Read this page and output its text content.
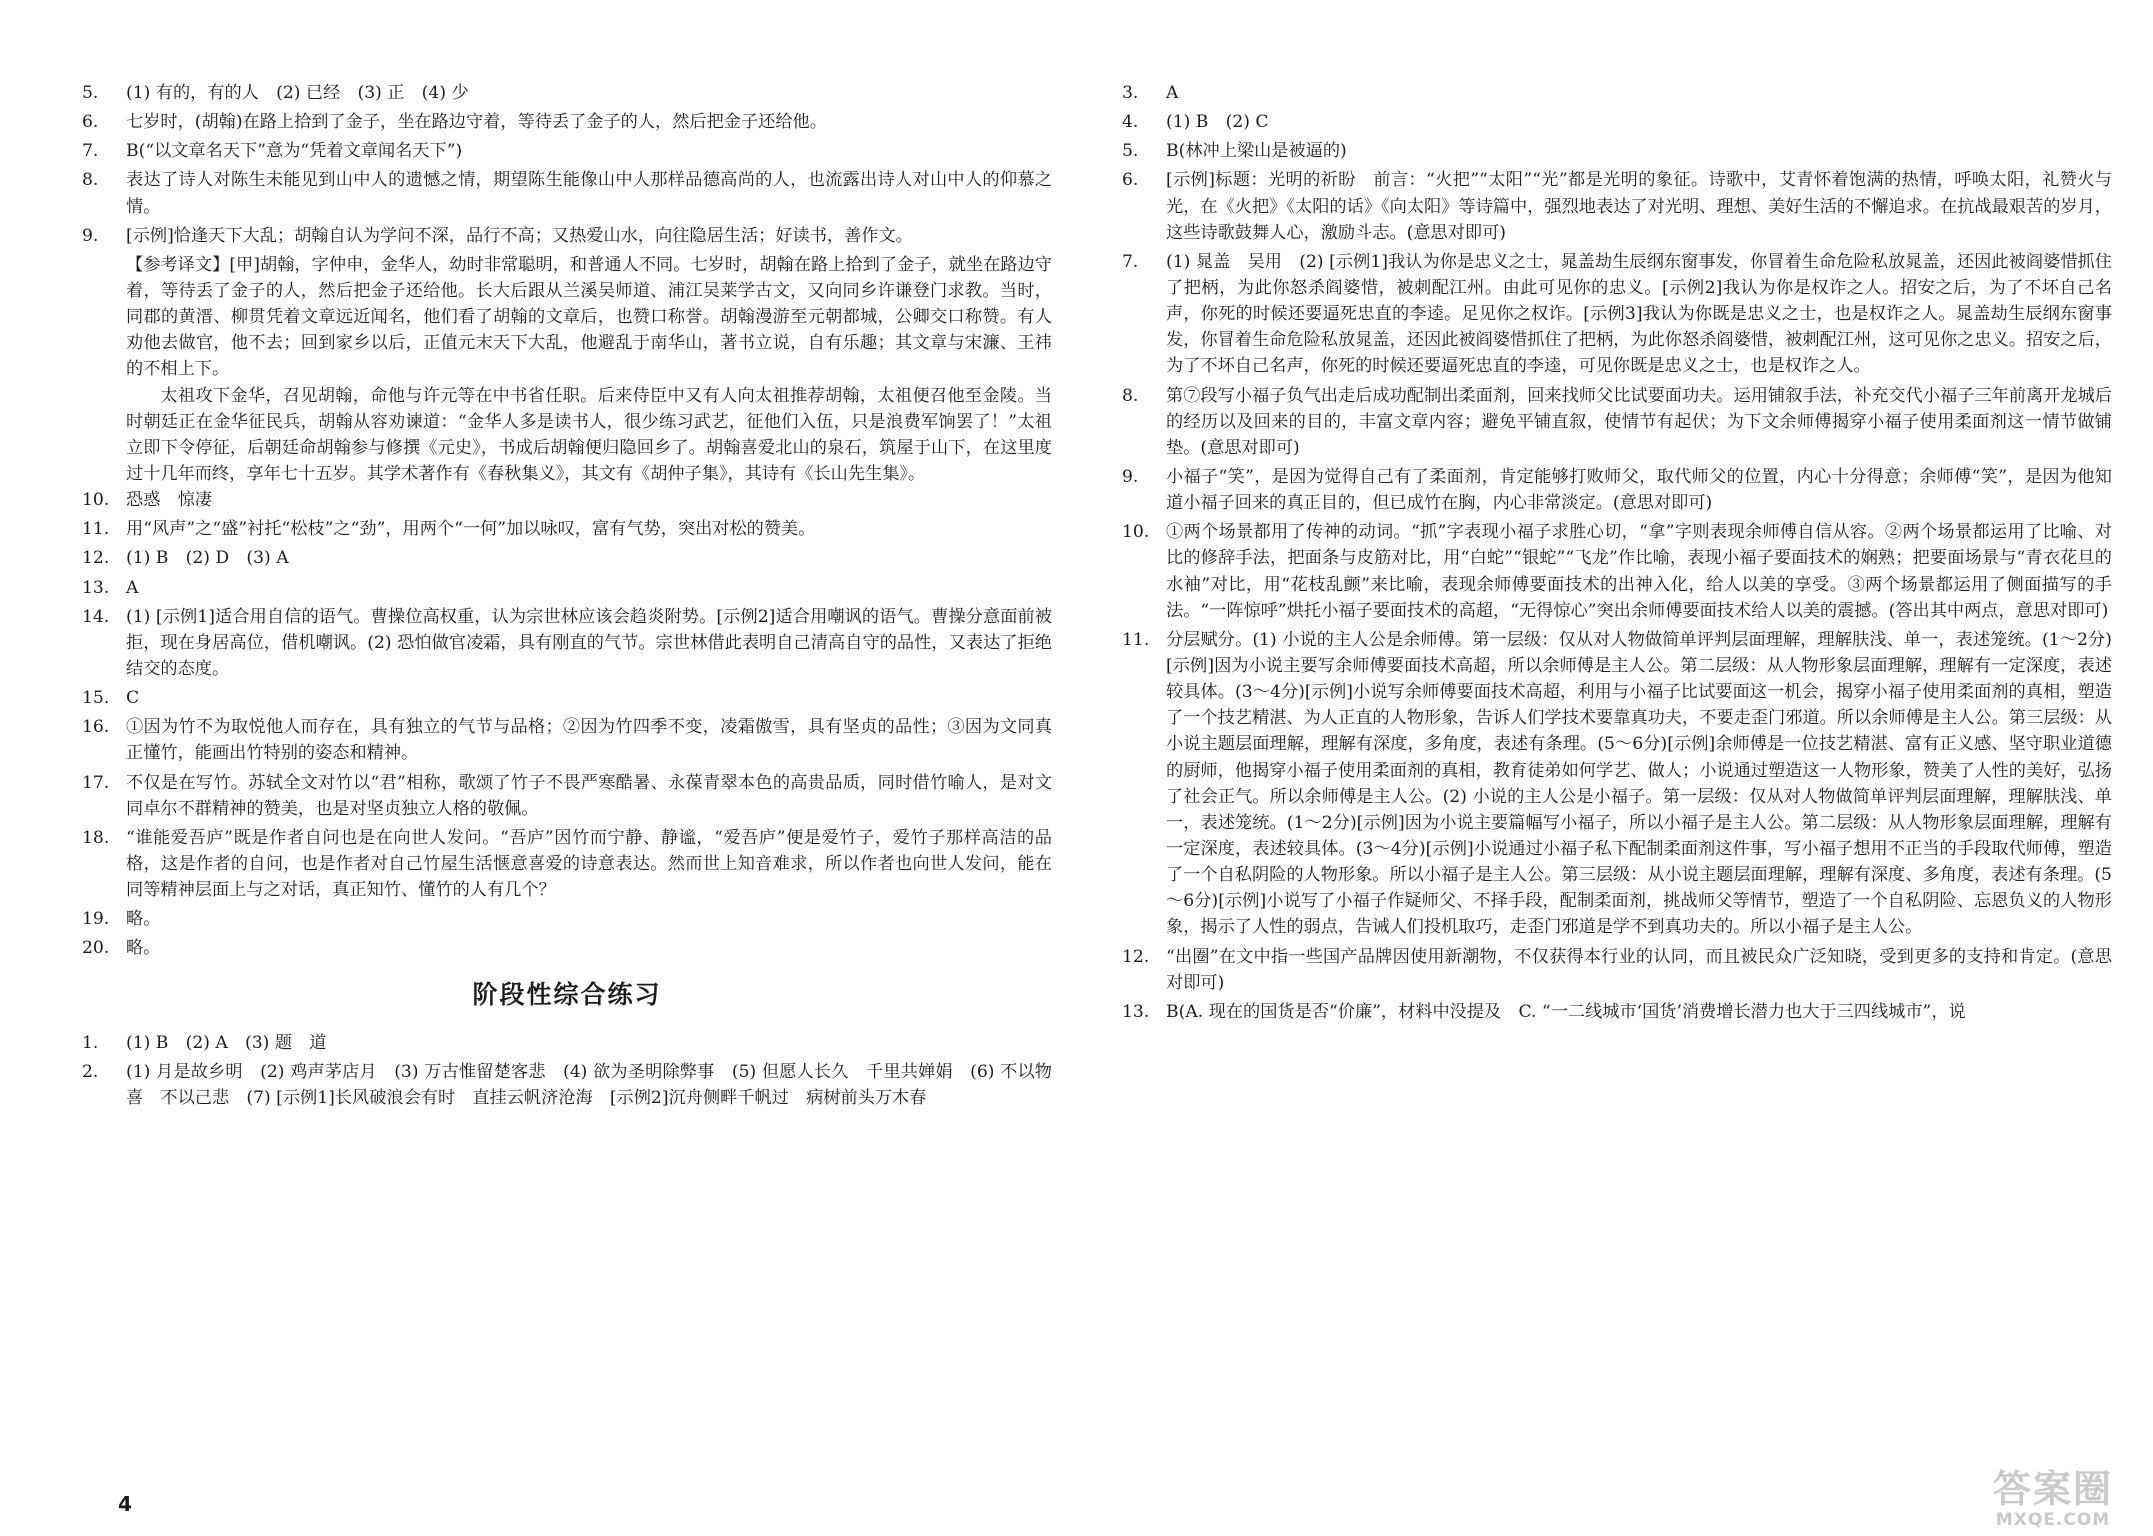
5.	(1) 有的，有的人　(2) 已经　(3) 正　(4) 少
6.	七岁时，(胡翰)在路上拾到了金子，坐在路边守着，等待丢了金子的人，然后把金子还给他。
7.	B(“以文章名天下”意为“凭着文章闻名天下”)
8.	表达了诗人对陈生未能见到山中人的遗憾之情，期望陈生能像山中人那样品德高尚的人，也流露出诗人对山中人的仰慕之情。
9.	[示例]恰逢天下大乱；胡翰自认为学问不深，品行不高；又热爱山水，向往隐居生活；好读书，善作文。
【参考译文】[甲]胡翰，字仲申，金华人，幼时非常聪明，和普通人不同。七岁时，胡翰在路上拾到了金子，就坐在路边守着，等待丢了金子的人，然后把金子还给他。长大后跟从兰溪吴师道、浦江吴莱学古文，又向同乡许谦登门求教。当时，同郡的黄溍、柳贯凭着文章远近闻名，他们看了胡翰的文章后，也赞口称誉。胡翰漫游至元朝都城，公卿交口称赞。有人劝他去做官，他不去；回到家乡以后，正值元末天下大乱，他避乱于南华山，著书立说，自有乐趣；其文章与宋濂、王祎的不相上下。
太祖攻下金华，召见胡翰，命他与许元等在中书省任职。后来侍臣中又有人向太祖推荐胡翰，太祖便召他至金陵。当时朝廷正在金华征民兵，胡翰从容劝谏道：“金华人多是读书人，很少练习武艺，征他们入伍，只是浪费军饷罢了！”太祖立即下令停征，后朝廷命胡翰参与修撰《元史》，书成后胡翰便归隐回乡了。胡翰喜爱北山的泉石，筑屋于山下，在这里度过十几年而终，享年七十五岁。其学术著作有《春秋集义》，其文有《胡仲子集》，其诗有《长山先生集》。
10. 恐惑　惊凄
11. 用“风声”之“盛”衬托“松枝”之“劲”，用两个“一何”加以咏叹，富有气势，突出对松的赞美。
12. (1) B　(2) D　(3) A
13. A
14. (1) [示例1]适合用自信的语气。曹操位高权重，认为宗世林应该会趋炎附势。[示例2]适合用嘲讽的语气。曹操分意面前被拒，现在身居高位，借机嘲讽。(2) 恐怕做官凌霜，具有刚直的气节。宗世林借此表明自己清高自守的品性，又表达了拒绝结交的态度。
15. C
16. ①因为竹不为取悦他人而存在，具有独立的气节与品格；②因为竹四季不变，凌霜傲雪，具有坚贞的品性；③因为文同真正懂竹，能画出竹特别的姿态和精神。
17. 不仅是在写竹。苏轼全文对竹以“君”相称，歌颂了竹子不畏严寒酷暑、永葆青翠本色的高贵品质，同时借竹喻人，是对文同卓尔不群精神的赞美，也是对坚贞独立人格的敬佩。
18. “谁能爱吾庐”既是作者自问也是在向世人发问。“吾庐”因竹而宁静、静谧，“爱吾庐”便是爱竹子，爱竹子那样高洁的品格，这是作者的自问，也是作者对自己竹屋生活惬意喜爱的诗意表达。然而世上知音难求，所以作者也向世人发问，能在同等精神层面上与之对话，真正知竹、懂竹的人有几个？
19. 略。
20. 略。
阶段性综合练习
1.	(1) B　(2) A　(3) 题　道
2.	(1) 月是故乡明　(2) 鸡声茅店月　(3) 万古惟留楚客悲　(4) 欲为圣明除弊事　(5) 但愿人长久　千里共婵娟　(6) 不以物喜　不以己悲　(7) [示例1]长风破浪会有时　直挂云帆济沧海　[示例2]沉舟侧畔千帆过　病树前头万木春
3.	A
4.	(1) B　(2) C
5.	B(林冲上梁山是被逼的)
6.	[示例]标题：光明的祈盼　前言：“火把”“太阳”“光”都是光明的象征。诗歌中，艾青怀着饱满的热情，呼唤太阳，礼赞火与光，在《火把》《太阳的话》《向太阳》等诗篇中，强烈地表达了对光明、理想、美好生活的不懈追求。在抗战最艰苦的岁月，这些诗歌鼓舞人心，激励斗志。(意思对即可)
7.	(1) 晁盖　吴用　(2) [示例1]我认为你是忠义之士，晁盖劫生辰纲东窗事发，你冒着生命危险私放晁盖，还因此被阎婆惜抓住了把柄，为此你怒杀阎婆惜，被刺配江州。由此可见你的忠义。[示例2]我认为你是权诈之人。招安之后，为了不坏自己名声，你死的时候还要逼死忠直的李逵。足见你之权诈。[示例3]我认为你既是忠义之士，也是权诈之人。晁盖劫生辰纲东窗事发，你冒着生命危险私放晁盖，还因此被阎婆惜抓住了把柄，为此你怒杀阎婆惜，被刺配江州，这可见你之忠义。招安之后，为了不坏自己名声，你死的时候还要逼死忠直的李逵，可见你既是忠义之士，也是权诈之人。
8.	第⑦段写小福子负气出走后成功配制出柔面剂，回来找师父比试要面功夫。运用铺叙手法，补充交代小福子三年前离开龙城后的经历以及回来的目的，丰富文章内容；避免平铺直叙，使情节有起伏；为下文余师傅揭穿小福子使用柔面剂这一情节做铺垫。(意思对即可)
9.	小福子“笑”，是因为觉得自己有了柔面剂，肯定能够打败师父，取代师父的位置，内心十分得意；余师傅“笑”，是因为他知道小福子回来的真正目的，但已成竹在胸，内心非常淡定。(意思对即可)
10. ①两个场景都用了传神的动词。“抓”字表现小福子求胜心切，“拿”字则表现余师傅自信从容。②两个场景都运用了比喻、对比的修辞手法，把面条与皮筋对比，用“白蛇”“银蛇”“飞龙”作比喻，表现小福子要面技术的娴熟；把要面场景与“青衣花旦的水袖”对比，用“花枝乱颤”来比喻，表现余师傅要面技术的出神入化，给人以美的享受。③两个场景都运用了侧面描写的手法。“一阵惊呼”烘托小福子要面技术的高超，“无得惊心”突出余师傅要面技术给人以美的震撼。(答出其中两点，意思对即可)
11. 分层赋分。(1) 小说的主人公是余师傅。第一层级：仅从对人物做简单评判层面理解，理解肤浅、单一，表述笼统。(1～2分)[示例]因为小说主要写余师傅要面技术高超，所以余师傅是主人公。第二层级：从人物形象层面理解，理解有一定深度，表述较具体。(3～4分)[示例]小说写余师傅要面技术高超，利用与小福子比试要面这一机会，揭穿小福子使用柔面剂的真相，塑造了一个技艺精湛、为人正直的人物形象，告诉人们学技术要靠真功夫，不要走歪门邪道。所以余师傅是主人公。第三层级：从小说主题层面理解，理解有深度，多角度，表述有条理。(5～6分)[示例]余师傅是一位技艺精湛、富有正义感、坚守职业道德的厨师，他揭穿小福子使用柔面剂的真相，教育徒弟如何学艺、做人；小说通过塑造这一人物形象，赞美了人性的美好，弘扬了社会正气。所以余师傅是主人公。(2) 小说的主人公是小福子。第一层级：仅从对人物做简单评判层面理解，理解肤浅、单一，表述笼统。(1～2分)[示例]因为小说主要篇幅写小福子，所以小福子是主人公。第二层级：从人物形象层面理解，理解有一定深度，表述较具体。(3～4分)[示例]小说通过小福子私下配制柔面剂这件事，写小福子想用不正当的手段取代师傅，塑造了一个自私阴险的人物形象。所以小福子是主人公。第三层级：从小说主题层面理解，理解有深度、多角度，表述有条理。(5～6分)[示例]小说写了小福子作疑师父、不择手段，配制柔面剂，挑战师父等情节，塑造了一个自私阴险、忘恩负义的人物形象，揭示了人性的弱点，告诫人们投机取巧，走歪门邪道是学不到真功夫的。所以小福子是主人公。
12. “出圈”在文中指一些国产品牌因使用新潮物，不仅获得本行业的认同，而且被民众广泛知晓，受到更多的支持和肯定。(意思对即可)
13. B(A. 现在的国货是否“价廉”，材料中没提及　C. “一二线城市‘国货’消费增长潜力也大于三四线城市”，说
4	答案圈
MXQE.COM
